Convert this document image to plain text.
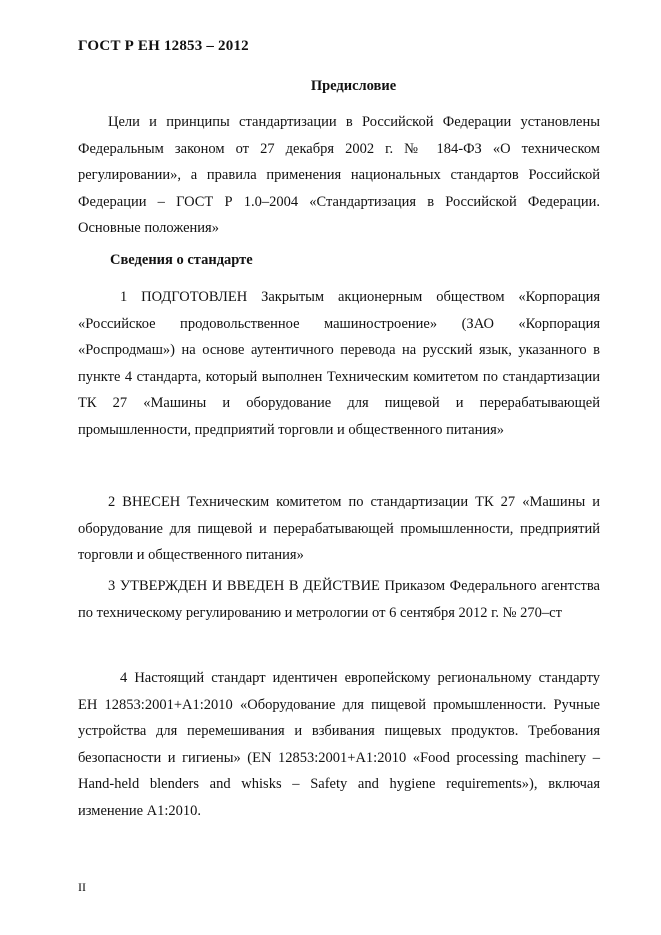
ГОСТ Р ЕН 12853 – 2012
Предисловие
Цели и принципы стандартизации в Российской Федерации установлены Федеральным законом от 27 декабря 2002 г. № 184-ФЗ «О техническом регулировании», а правила применения национальных стандартов Российской Федерации – ГОСТ Р 1.0–2004 «Стандартизация в Российской Федерации. Основные положения»
Сведения о стандарте
1 ПОДГОТОВЛЕН Закрытым акционерным обществом «Корпорация «Российское продовольственное машиностроение» (ЗАО «Корпорация «Роспродмаш») на основе аутентичного перевода на русский язык, указанного в пункте 4 стандарта, который выполнен Техническим комитетом по стандартизации ТК 27 «Машины и оборудование для пищевой и перерабатывающей промышленности, предприятий торговли и общественного питания»
2 ВНЕСЕН Техническим комитетом по стандартизации ТК 27 «Машины и оборудование для пищевой и перерабатывающей промышленности, предприятий торговли и общественного питания»
3 УТВЕРЖДЕН И ВВЕДЕН В ДЕЙСТВИЕ Приказом Федерального агентства по техническому регулированию и метрологии от 6 сентября 2012 г. № 270–ст
4 Настоящий стандарт идентичен европейскому региональному стандарту ЕН 12853:2001+A1:2010 «Оборудование для пищевой промышленности. Ручные устройства для перемешивания и взбивания пищевых продуктов. Требования безопасности и гигиены» (EN 12853:2001+A1:2010 «Food processing machinery – Hand-held blenders and whisks – Safety and hygiene requirements»), включая изменение А1:2010.
II
